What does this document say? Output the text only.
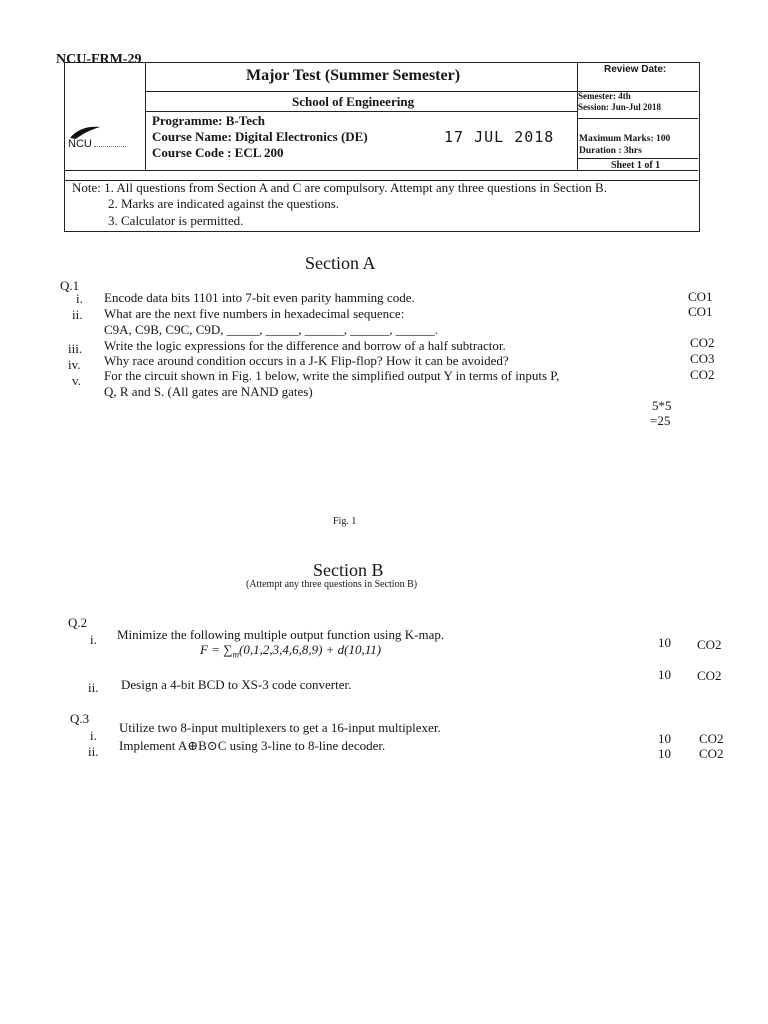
NCU-FRM-29
NCU
Major Test (Summer Semester)	Review Date:
School of Engineering	Semester: 4th
Session: Jun-Jul 2018
Programme: B-Tech
Course Name: Digital Electronics (DE)
Course Code : ECL 200
17 JUL 2018	Maximum Marks: 100
Duration : 3hrs
Sheet 1 of 1
Note: 1. All questions from Section A and C are compulsory. Attempt any three questions in Section B.
2. Marks are indicated against the questions.
3. Calculator is permitted.
Section A
Q.1
i. Encode data bits 1101 into 7-bit even parity hamming code.	CO1
ii. What are the next five numbers in hexadecimal sequence:	CO1
C9A, C9B, C9C, C9D, _____, _____, ______, ______, ______.
iii. Write the logic expressions for the difference and borrow of a half subtractor.	CO2
iv. Why race around condition occurs in a J-K Flip-flop? How it can be avoided?	CO3
v. For the circuit shown in Fig. 1 below, write the simplified output Y in terms of inputs P,	CO2
Q, R and S. (All gates are NAND gates)
5*5
=25
Fig. 1
Section B
(Attempt any three questions in Section B)
Q.2
i. Minimize the following multiple output function using K-map.
10 CO2
$F = \sum_m(0,1,2,3,4,6,8,9) + d(10,11)$
ii. Design a 4-bit BCD to XS-3 code converter.
10 CO2
Q.3
i.
Utilize two 8-input multiplexers to get a 16-input multiplexer.
10 CO2
ii. Implement A⊕B⊙C using 3-line to 8-line decoder.
10 CO2
